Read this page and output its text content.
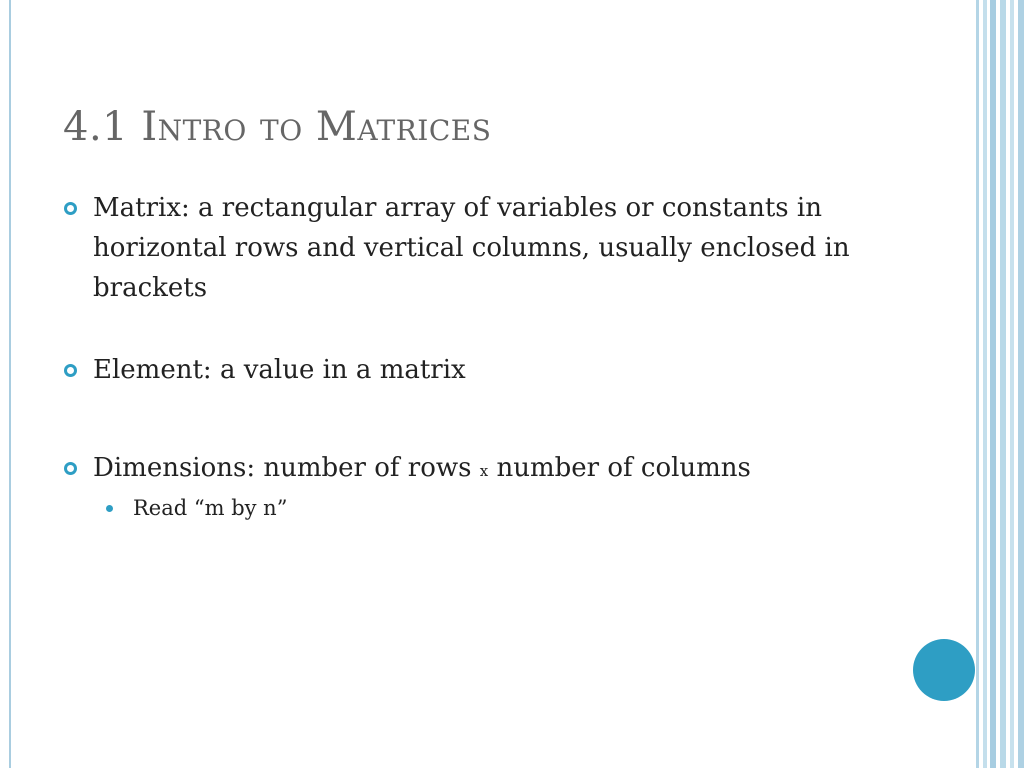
4.1 Intro to Matrices
Matrix: a rectangular array of variables or constants in horizontal rows and vertical columns, usually enclosed in brackets
Element: a value in a matrix
Dimensions: number of rows x number of columns
Read “m by n”
